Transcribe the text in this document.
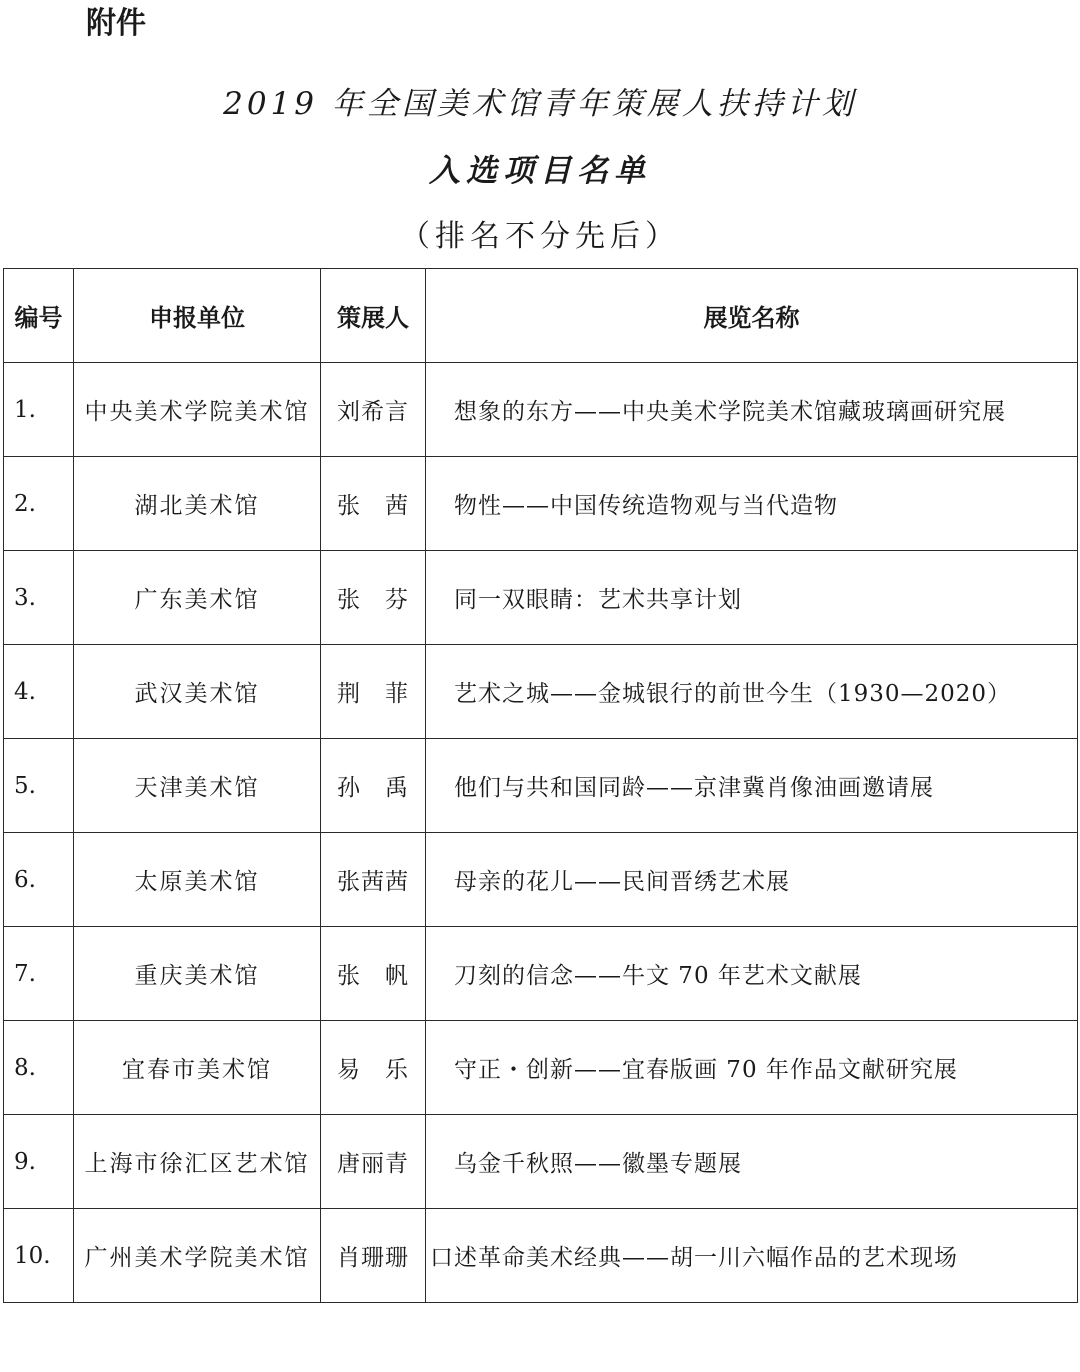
附件
2019 年全国美术馆青年策展人扶持计划
入选项目名单
（排名不分先后）
编号	申报单位	策展人	展览名称
1.	中央美术学院美术馆	刘希言	想象的东方——中央美术学院美术馆藏玻璃画研究展
2.	湖北美术馆	张　茜	物性——中国传统造物观与当代造物
3.	广东美术馆	张　芬	同一双眼睛：艺术共享计划
4.	武汉美术馆	荆　菲	艺术之城——金城银行的前世今生（1930—2020）
5.	天津美术馆	孙　禹	他们与共和国同龄——京津冀肖像油画邀请展
6.	太原美术馆	张茜茜	母亲的花儿——民间晋绣艺术展
7.	重庆美术馆	张　帆	刀刻的信念——牛文 70 年艺术文献展
8.	宜春市美术馆	易　乐	守正・创新——宜春版画 70 年作品文献研究展
9.	上海市徐汇区艺术馆	唐丽青	乌金千秋照——徽墨专题展
10.	广州美术学院美术馆	肖珊珊	口述革命美术经典——胡一川六幅作品的艺术现场
